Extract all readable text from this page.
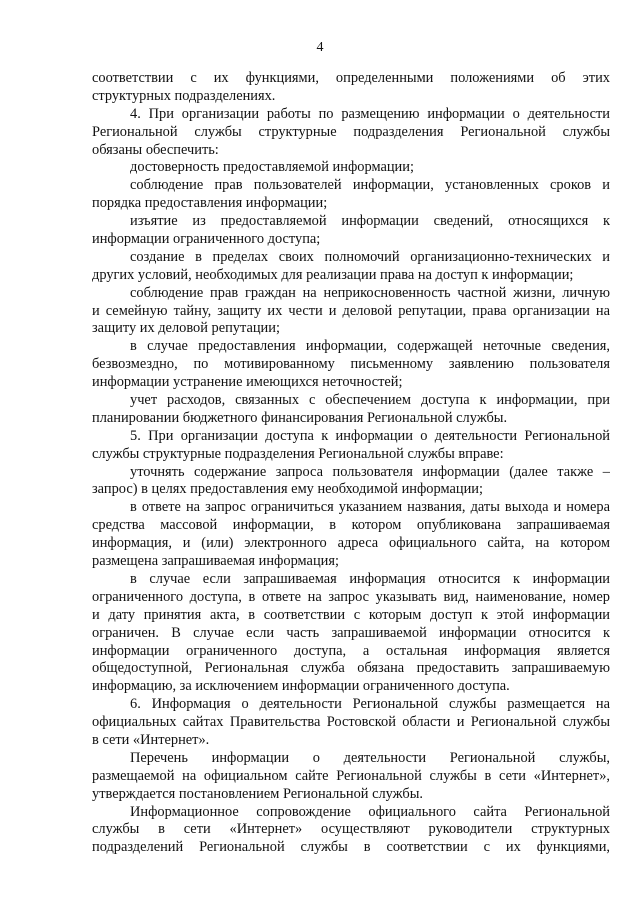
4
соответствии с их функциями, определенными положениями об этих
структурных подразделениях.
4. При организации работы по размещению информации о деятельности
Региональной службы структурные подразделения Региональной службы
обязаны обеспечить:
достоверность предоставляемой информации;
соблюдение прав пользователей информации, установленных сроков и
порядка предоставления информации;
изъятие из предоставляемой информации сведений, относящихся к
информации ограниченного доступа;
создание в пределах своих полномочий организационно-технических и
других условий, необходимых для реализации права на доступ к информации;
соблюдение прав граждан на неприкосновенность частной жизни, личную
и семейную тайну, защиту их чести и деловой репутации, права организации на
защиту их деловой репутации;
в случае предоставления информации, содержащей неточные сведения,
безвозмездно, по мотивированному письменному заявлению пользователя
информации устранение имеющихся неточностей;
учет расходов, связанных с обеспечением доступа к информации, при
планировании бюджетного финансирования Региональной службы.
5. При организации доступа к информации о деятельности Региональной
службы структурные подразделения Региональной службы вправе:
уточнять содержание запроса пользователя информации (далее также –
запрос) в целях предоставления ему необходимой информации;
в ответе на запрос ограничиться указанием названия, даты выхода и номера
средства массовой информации, в котором опубликована запрашиваемая
информация, и (или) электронного адреса официального сайта, на котором
размещена запрашиваемая информация;
в случае если запрашиваемая информация относится к информации
ограниченного доступа, в ответе на запрос указывать вид, наименование, номер
и дату принятия акта, в соответствии с которым доступ к этой информации
ограничен. В случае если часть запрашиваемой информации относится к
информации ограниченного доступа, а остальная информация является
общедоступной, Региональная служба обязана предоставить запрашиваемую
информацию, за исключением информации ограниченного доступа.
6. Информация о деятельности Региональной службы размещается на
официальных сайтах Правительства Ростовской области и Региональной службы
в сети «Интернет».
Перечень информации о деятельности Региональной службы,
размещаемой на официальном сайте Региональной службы в сети «Интернет»,
утверждается постановлением Региональной службы.
Информационное сопровождение официального сайта Региональной
службы в сети «Интернет» осуществляют руководители структурных
подразделений Региональной службы в соответствии с их функциями,
